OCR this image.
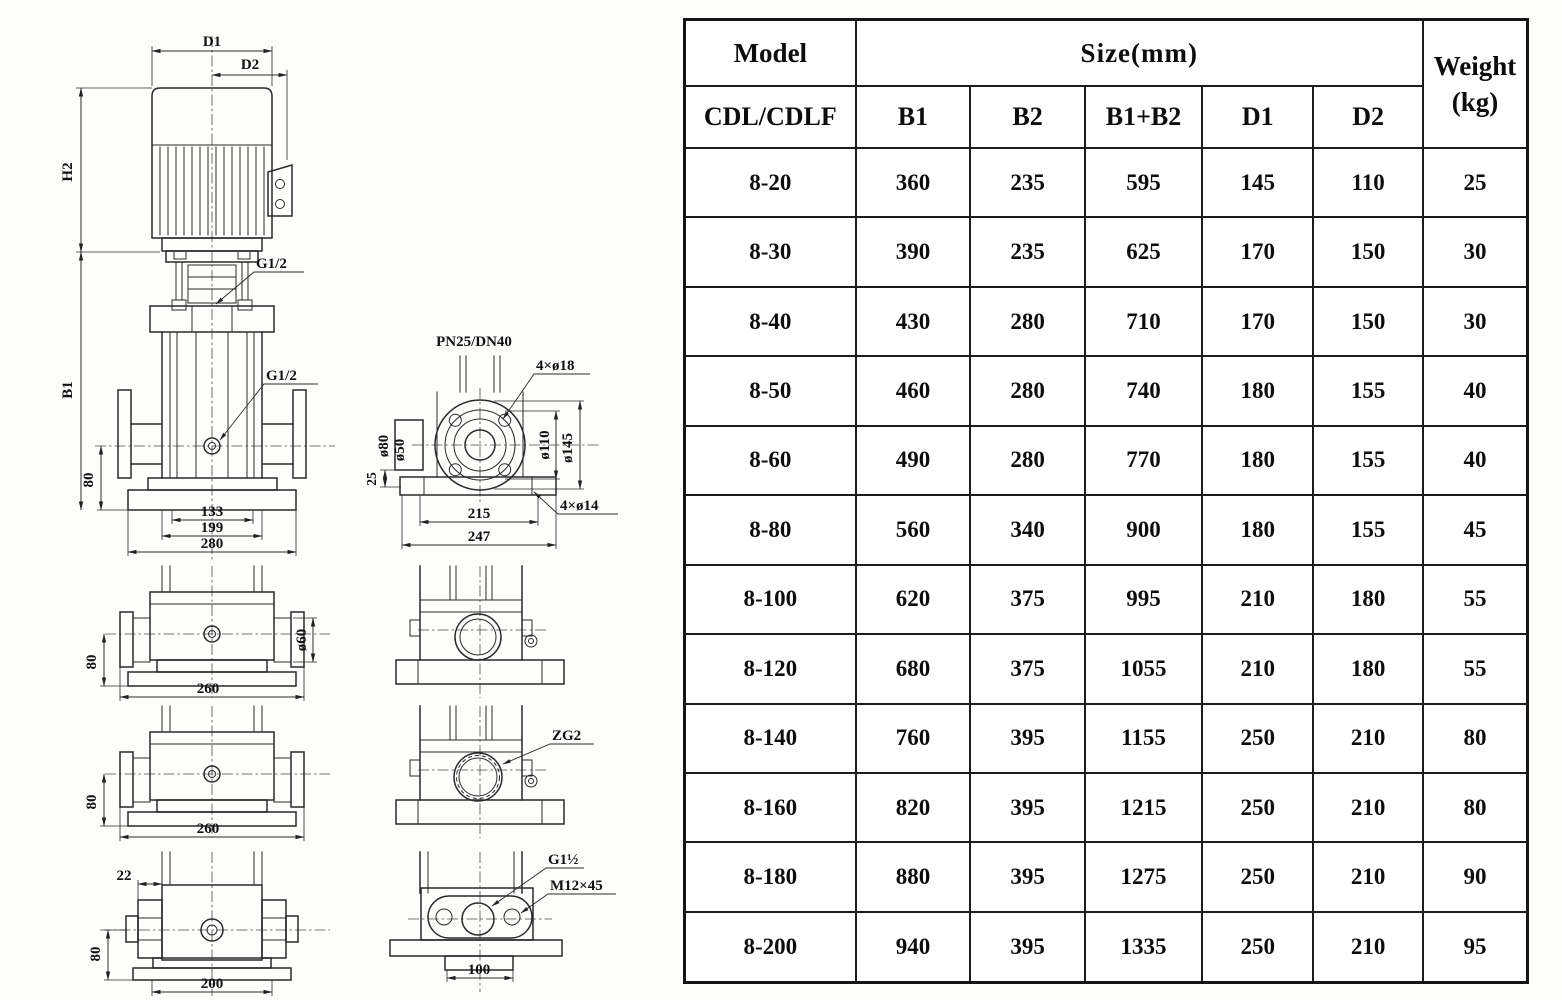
D1
D2
G1/2
G1/2
80
H2
B1
133
199
280
PN25/DN40
ø80 ø50
25
ø110 ø145
215
247
4×ø18
4×ø14
80
260
ø60
80
260
22
80
200
ZG2
100
G1½
M12×45
Model	Size(mm)					Weight
(kg)
CDL/CDLF	B1	B2	B1+B2	D1	D2	
8-20	360	235	595	145	110	25
8-30	390	235	625	170	150	30
8-40	430	280	710	170	150	30
8-50	460	280	740	180	155	40
8-60	490	280	770	180	155	40
8-80	560	340	900	180	155	45
8-100	620	375	995	210	180	55
8-120	680	375	1055	210	180	55
8-140	760	395	1155	250	210	80
8-160	820	395	1215	250	210	80
8-180	880	395	1275	250	210	90
8-200	940	395	1335	250	210	95
